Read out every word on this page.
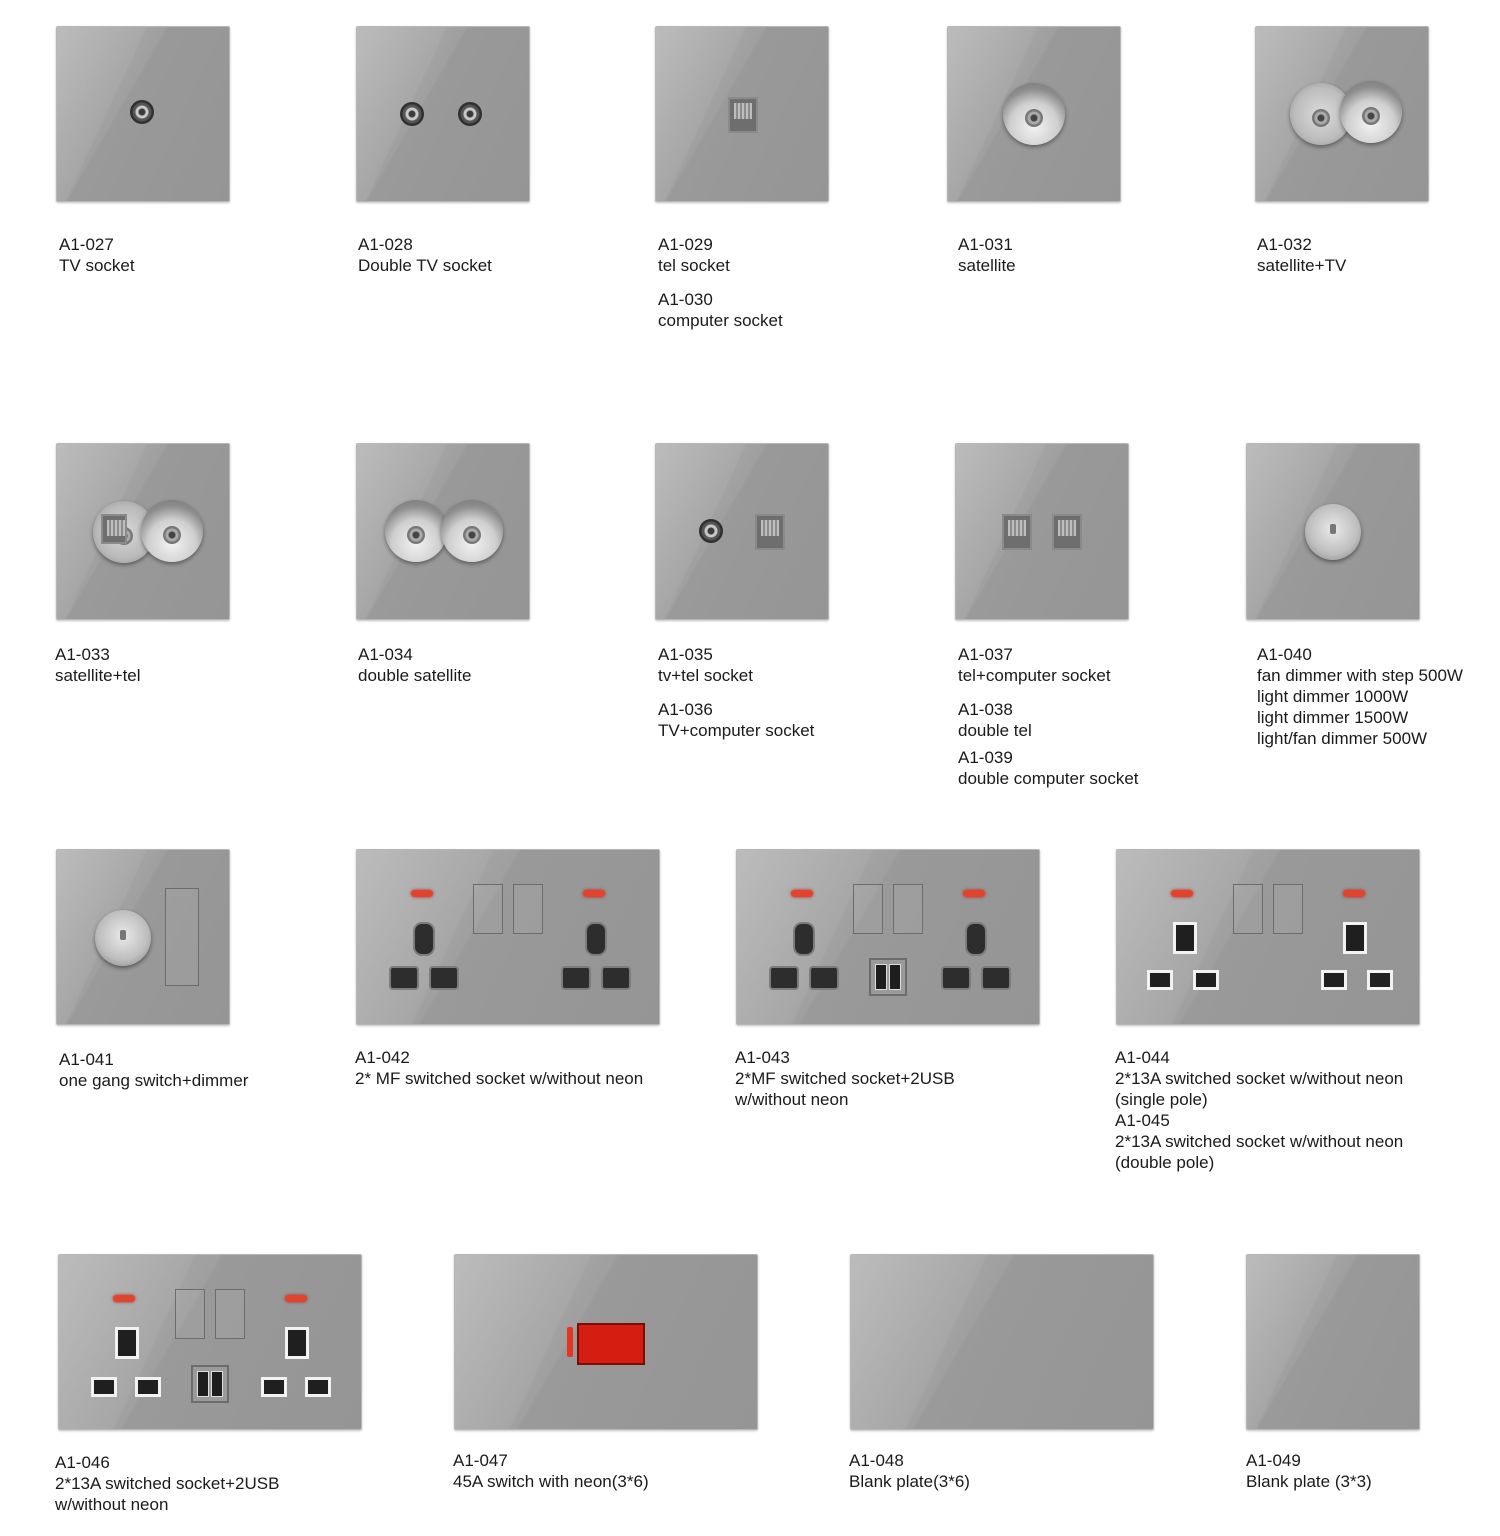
A1-027
TV socket
A1-028
Double TV socket
A1-029
tel socket
A1-030
computer socket
A1-031
satellite
A1-032
satellite+TV
A1-033
satellite+tel
A1-034
double satellite
A1-035
tv+tel socket
A1-036
TV+computer socket
A1-037
tel+computer socket
A1-038
double tel
A1-039
double computer socket
A1-040
fan dimmer with step 500W
light dimmer 1000W
light dimmer 1500W
light/fan dimmer 500W
A1-041
one gang switch+dimmer
A1-042
2* MF switched socket w/without neon
A1-043
2*MF switched socket+2USB
w/without neon
A1-044
2*13A switched socket w/without neon
(single pole)
A1-045
2*13A switched socket w/without neon
(double pole)
A1-046
2*13A switched socket+2USB
w/without neon
A1-047
45A switch with neon(3*6)
A1-048
Blank plate(3*6)
A1-049
Blank plate (3*3)
